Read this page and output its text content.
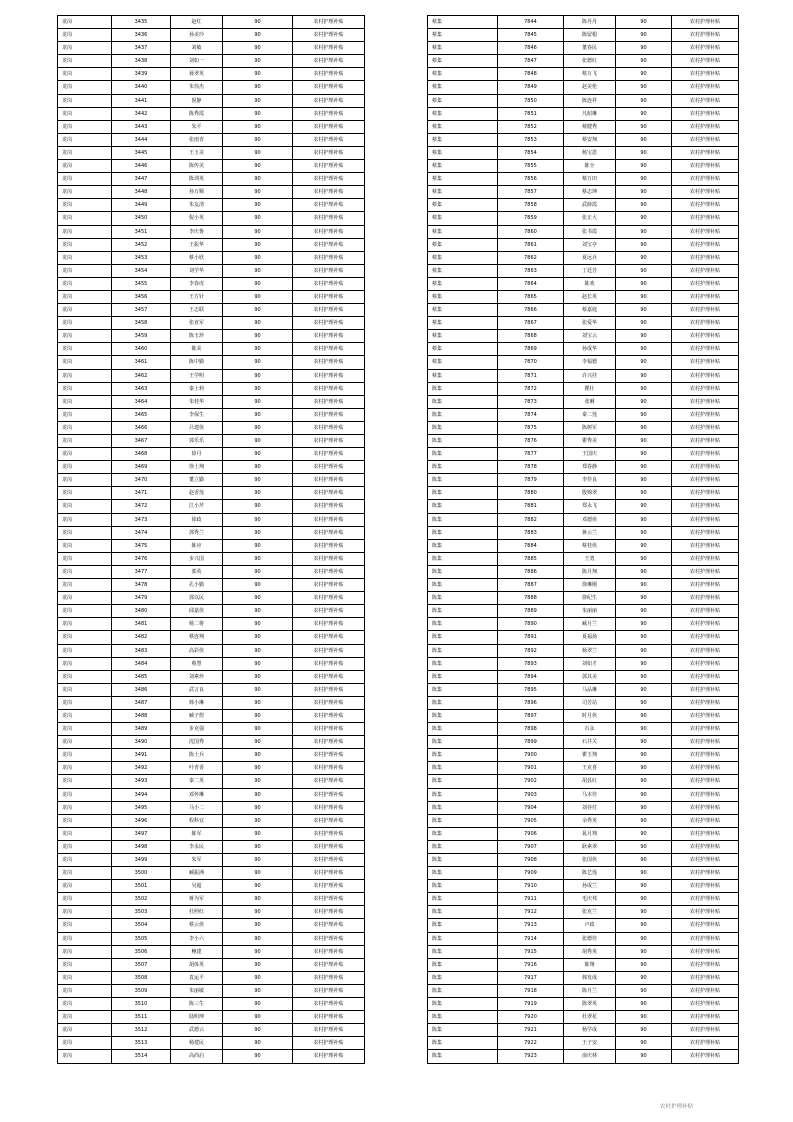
龙岗	3435	赵红	90	农村护理补贴
龙岗	3436	孙美玲	90	农村护理补贴
龙岗	3437	刘敏	90	农村护理补贴
龙岗	3438	刘如一	90	农村护理补贴
龙岗	3439	聂翠英	90	农村护理补贴
龙岗	3440	朱伟杰	90	农村护理补贴
龙岗	3441	倪静	90	农村护理补贴
龙岗	3442	陈秀霞	90	农村护理补贴
龙岗	3443	朱平	90	农村护理补贴
龙岗	3444	张雨青	90	农村护理补贴
龙岗	3445	王玉美	90	农村护理补贴
龙岗	3446	陈传美	90	农村护理补贴
龙岗	3447	陈训英	90	农村护理补贴
龙岗	3448	孙万顺	90	农村护理补贴
龙岗	3449	朱友清	90	农村护理补贴
龙岗	3450	倪小英	90	农村护理补贴
龙岗	3451	李庆鲁	90	农村护理补贴
龙岗	3452	王振华	90	农村护理补贴
龙岗	3453	蔡小欣	90	农村护理补贴
龙岗	3454	刘学华	90	农村护理补贴
龙岗	3455	李春虎	90	农村护理补贴
龙岗	3456	王方针	90	农村护理补贴
龙岗	3457	王志联	90	农村护理补贴
龙岗	3458	张直军	90	农村护理补贴
龙岗	3459	陈玉珍	90	农村护理补贴
龙岗	3460	陈美	90	农村护理补贴
龙岗	3461	陈中勤	90	农村护理补贴
龙岗	3462	王学明	90	农村护理补贴
龙岗	3463	秦士莉	90	农村护理补贴
龙岗	3464	朱桂华	90	农村护理补贴
龙岗	3465	李保生	90	农村护理补贴
龙岗	3466	吕建侠	90	农村护理补贴
龙岗	3467	郭乐乐	90	农村护理补贴
龙岗	3468	徐丹	90	农村护理补贴
龙岗	3469	徐士翔	90	农村护理补贴
龙岗	3470	董立勤	90	农村护理补贴
龙岗	3471	赵香莲	90	农村护理补贴
龙岗	3472	江小芹	90	农村护理补贴
龙岗	3473	徐政	90	农村护理补贴
龙岗	3474	郭秀兰	90	农村护理补贴
龙岗	3475	陈应	90	农村护理补贴
龙岗	3476	步兴国	90	农村护理补贴
龙岗	3477	郭英	90	农村护理补贴
龙岗	3478	孔小勤	90	农村护理补贴
龙岗	3479	郭以民	90	农村护理补贴
龙岗	3480	邱嘉侠	90	农村护理补贴
龙岗	3481	杨二将	90	农村护理补贴
龙岗	3482	蔡连翔	90	农村护理补贴
龙岗	3483	高彩侠	90	农村护理补贴
龙岗	3484	蔡慧	90	农村护理补贴
龙岗	3485	刘素珍	90	农村护理补贴
龙岗	3486	武言良	90	农村护理补贴
龙岗	3487	韩小琳	90	农村护理补贴
龙岗	3488	臧子煜	90	农村护理补贴
龙岗	3489	步克强	90	农村护理补贴
龙岗	3490	沈国秀	90	农村护理补贴
龙岗	3491	陈士兵	90	农村护理补贴
龙岗	3492	叶青香	90	农村护理补贴
龙岗	3493	秦二英	90	农村护理补贴
龙岗	3494	邓怀琳	90	农村护理补贴
龙岗	3495	马小二	90	农村护理补贴
龙岗	3496	程科宜	90	农村护理补贴
龙岗	3497	陈军	90	农村护理补贴
龙岗	3498	李永民	90	农村护理补贴
龙岗	3499	朱军	90	农村护理补贴
龙岗	3500	臧振洲	90	农村护理补贴
龙岗	3501	吴超	90	农村护理补贴
龙岗	3502	蒋为军	90	农村护理补贴
龙岗	3503	杜照红	90	农村护理补贴
龙岗	3504	蔡云侠	90	农村护理补贴
龙岗	3505	李小六	90	农村护理补贴
龙岗	3506	鲍建	90	农村护理补贴
龙岗	3507	胡体英	90	农村护理补贴
龙岗	3508	袁运平	90	农村护理补贴
龙岗	3509	朱丽敏	90	农村护理补贴
龙岗	3510	陈三生	90	农村护理补贴
龙岗	3511	陆明坤	90	农村护理补贴
龙岗	3512	武德云	90	农村护理补贴
龙岗	3513	杨建民	90	农村护理补贴
龙岗	3514	高尚启	90	农村护理补贴
蔡集	7844	陈丹丹	90	农村护理补贴
蔡集	7845	陈留根	90	农村护理补贴
蔡集	7846	董春民	90	农村护理补贴
蔡集	7847	张德红	90	农村护理补贴
蔡集	7848	蔡万飞	90	农村护理补贴
蔡集	7849	赵美伦	90	农村护理补贴
蔡集	7850	陈连祥	90	农村护理补贴
蔡集	7851	凡昭琳	90	农村护理补贴
蔡集	7852	蔡健秀	90	农村护理补贴
蔡集	7853	蔡安翔	90	农村护理补贴
蔡集	7854	杨宝恩	90	农村护理补贴
蔡集	7855	陈全	90	农村护理补贴
蔡集	7856	蔡万田	90	农村护理补贴
蔡集	7857	蔡志坤	90	农村护理补贴
蔡集	7858	武薛霞	90	农村护理补贴
蔡集	7859	张正大	90	农村护理补贴
蔡集	7860	张书霞	90	农村护理补贴
蔡集	7861	刘宝亭	90	农村护理补贴
蔡集	7862	夏远兵	90	农村护理补贴
蔡集	7863	丁廷芳	90	农村护理补贴
蔡集	7864	陈欢	90	农村护理补贴
蔡集	7865	赵长英	90	农村护理补贴
蔡集	7866	蔡嘉庭	90	农村护理补贴
蔡集	7867	张爱华	90	农村护理补贴
蔡集	7868	刘宝云	90	农村护理补贴
蔡集	7869	孙成华	90	农村护理补贴
蔡集	7870	李福德	90	农村护理补贴
蔡集	7871	许兴挂	90	农村护理补贴
陈集	7872	瞿壮	90	农村护理补贴
陈集	7873	张琳	90	农村护理补贴
陈集	7874	秦二莲	90	农村护理补贴
陈集	7875	陈树军	90	农村护理补贴
陈集	7876	瞿秀美	90	农村护理补贴
陈集	7877	王国庆	90	农村护理补贴
陈集	7878	郑春静	90	农村护理补贴
陈集	7879	李佳良	90	农村护理补贴
陈集	7880	殷锦翠	90	农村护理补贴
陈集	7881	郑永飞	90	农村护理补贴
陈集	7882	邓德侠	90	农村护理补贴
陈集	7883	蒋云兰	90	农村护理补贴
陈集	7884	蔡桂侠	90	农村护理补贴
陈集	7885	王勇	90	农村护理补贴
陈集	7886	陈月翔	90	农村护理补贴
陈集	7887	徐琳刚	90	农村护理补贴
陈集	7888	徐纪生	90	农村护理补贴
陈集	7889	朱丽丽	90	农村护理补贴
陈集	7890	臧月兰	90	农村护理补贴
陈集	7891	夏福扬	90	农村护理补贴
陈集	7892	杨翠兰	90	农村护理补贴
陈集	7893	刘如才	90	农村护理补贴
陈集	7894	郭其美	90	农村护理补贴
陈集	7895	马品琳	90	农村护理补贴
陈集	7896	司芳站	90	农村护理补贴
陈集	7897	时月侠	90	农村护理补贴
陈集	7898	石永	90	农村护理补贴
陈集	7899	石井关	90	农村护理补贴
陈集	7900	瞿玉翔	90	农村护理补贴
陈集	7901	王克喜	90	农村护理补贴
陈集	7902	胡县红	90	农村护理补贴
陈集	7903	马本佳	90	农村护理补贴
陈集	7904	刘谷付	90	农村护理补贴
陈集	7905	余秀英	90	农村护理补贴
陈集	7906	晁月翔	90	农村护理补贴
陈集	7907	耿素翠	90	农村护理补贴
陈集	7908	张国侠	90	农村护理补贴
陈集	7909	陈艺莲	90	农村护理补贴
陈集	7910	孙成兰	90	农村护理补贴
陈集	7911	毛庆邦	90	农村护理补贴
陈集	7912	张克兰	90	农村护理补贴
陈集	7913	卢政	90	农村护理补贴
陈集	7914	张德佳	90	农村护理补贴
陈集	7915	胡秀英	90	农村护理补贴
陈集	7916	陈翔	90	农村护理补贴
陈集	7917	韩发成	90	农村护理补贴
陈集	7918	陈月兰	90	农村护理补贴
陈集	7919	陈翠英	90	农村护理补贴
陈集	7920	杜翠花	90	农村护理补贴
陈集	7921	杨学成	90	农村护理补贴
陈集	7922	王子安	90	农村护理补贴
陈集	7923	俞庆林	90	农村护理补贴
农村护理补贴
